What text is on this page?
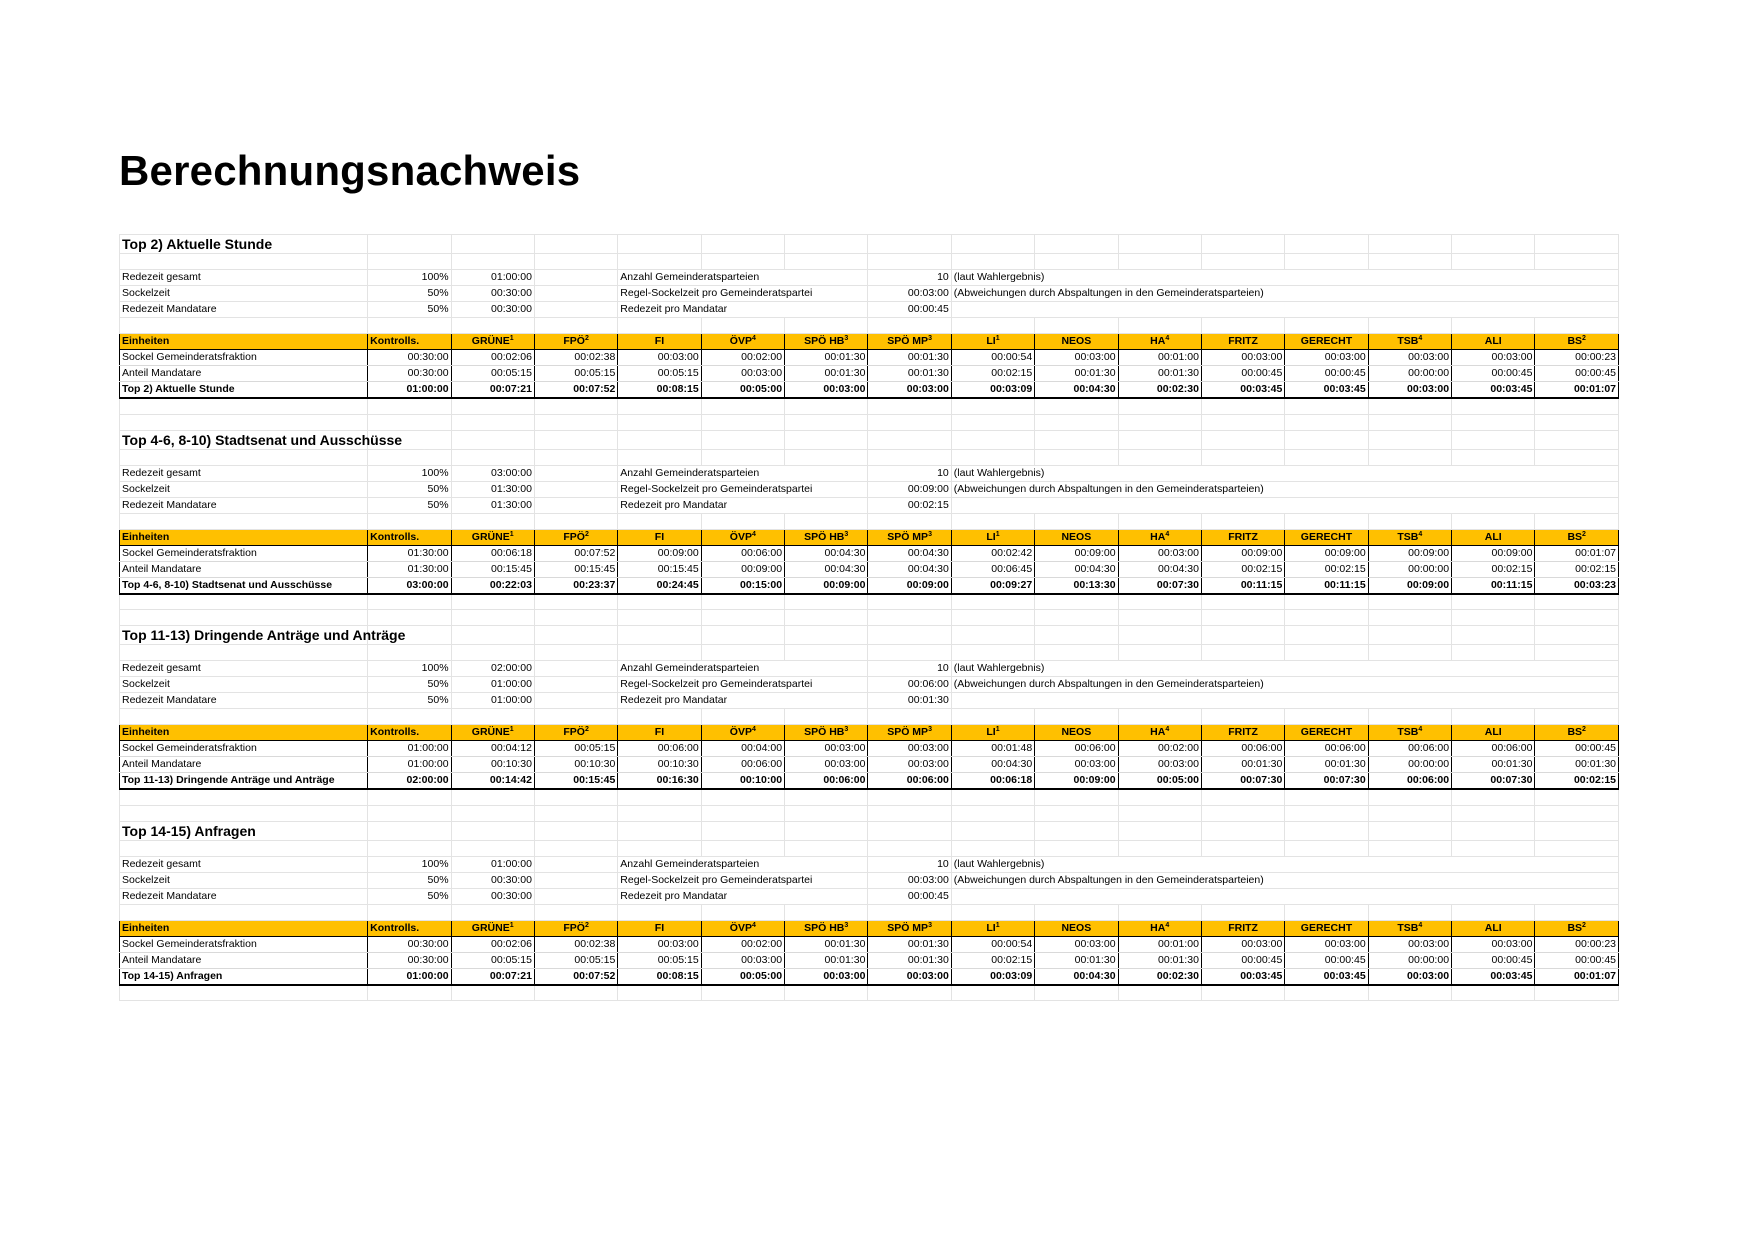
Berechnungsnachweis
Top 2) Aktuelle Stunde															

Redezeit gesamt	100%	01:00:00		Anzahl Gemeinderatsparteien			10	(laut Wahlergebnis)							
Sockelzeit	50%	00:30:00		Regel-Sockelzeit pro Gemeinderatspartei			00:03:00	(Abweichungen durch Abspaltungen in den Gemeinderatsparteien)							
Redezeit Mandatare	50%	00:30:00		Redezeit pro Mandatar			00:00:45								

Einheiten	Kontrolls.	GRÜNE$^1$	FPÖ$^2$	FI	ÖVP$^4$	SPÖ $HB^3$	SPÖ $MP^3$	$LI^1$	NEOS	$HA^4$	FRITZ	GERECHT	TSB$^4$	ALI	$BS^2$
Sockel Gemeinderatsfraktion	00:30:00	00:02:06	00:02:38	00:03:00	00:02:00	00:01:30	00:01:30	00:00:54	00:03:00	00:01:00	00:03:00	00:03:00	00:03:00	00:03:00	00:00:23
Anteil Mandatare	00:30:00	00:05:15	00:05:15	00:05:15	00:03:00	00:01:30	00:01:30	00:02:15	00:01:30	00:01:30	00:00:45	00:00:45	00:00:00	00:00:45	00:00:45
Top 2) Aktuelle Stunde	01:00:00	00:07:21	00:07:52	00:08:15	00:05:00	00:03:00	00:03:00	00:03:09	00:04:30	00:02:30	00:03:45	00:03:45	00:03:00	00:03:45	00:01:07

Top 4-6, 8-10) Stadtsenat und Ausschüsse															

Redezeit gesamt	100%	03:00:00		Anzahl Gemeinderatsparteien			10	(laut Wahlergebnis)							
Sockelzeit	50%	01:30:00		Regel-Sockelzeit pro Gemeinderatspartei			00:09:00	(Abweichungen durch Abspaltungen in den Gemeinderatsparteien)							
Redezeit Mandatare	50%	01:30:00		Redezeit pro Mandatar			00:02:15								

Einheiten	Kontrolls.	GRÜNE$^1$	FPÖ$^2$	FI	ÖVP$^4$	SPÖ $HB^3$	SPÖ $MP^3$	$LI^1$	NEOS	$HA^4$	FRITZ	GERECHT	TSB$^4$	ALI	$BS^2$
Sockel Gemeinderatsfraktion	01:30:00	00:06:18	00:07:52	00:09:00	00:06:00	00:04:30	00:04:30	00:02:42	00:09:00	00:03:00	00:09:00	00:09:00	00:09:00	00:09:00	00:01:07
Anteil Mandatare	01:30:00	00:15:45	00:15:45	00:15:45	00:09:00	00:04:30	00:04:30	00:06:45	00:04:30	00:04:30	00:02:15	00:02:15	00:00:00	00:02:15	00:02:15
Top 4-6, 8-10) Stadtsenat und Ausschüsse	03:00:00	00:22:03	00:23:37	00:24:45	00:15:00	00:09:00	00:09:00	00:09:27	00:13:30	00:07:30	00:11:15	00:11:15	00:09:00	00:11:15	00:03:23

Top 11-13) Dringende Anträge und Anträge															

Redezeit gesamt	100%	02:00:00		Anzahl Gemeinderatsparteien			10	(laut Wahlergebnis)							
Sockelzeit	50%	01:00:00		Regel-Sockelzeit pro Gemeinderatspartei			00:06:00	(Abweichungen durch Abspaltungen in den Gemeinderatsparteien)							
Redezeit Mandatare	50%	01:00:00		Redezeit pro Mandatar			00:01:30								

Einheiten	Kontrolls.	GRÜNE$^1$	FPÖ$^2$	FI	ÖVP$^4$	SPÖ $HB^3$	SPÖ $MP^3$	$LI^1$	NEOS	$HA^4$	FRITZ	GERECHT	TSB$^4$	ALI	$BS^2$
Sockel Gemeinderatsfraktion	01:00:00	00:04:12	00:05:15	00:06:00	00:04:00	00:03:00	00:03:00	00:01:48	00:06:00	00:02:00	00:06:00	00:06:00	00:06:00	00:06:00	00:00:45
Anteil Mandatare	01:00:00	00:10:30	00:10:30	00:10:30	00:06:00	00:03:00	00:03:00	00:04:30	00:03:00	00:03:00	00:01:30	00:01:30	00:00:00	00:01:30	00:01:30
Top 11-13) Dringende Anträge und Anträge	02:00:00	00:14:42	00:15:45	00:16:30	00:10:00	00:06:00	00:06:00	00:06:18	00:09:00	00:05:00	00:07:30	00:07:30	00:06:00	00:07:30	00:02:15

Top 14-15) Anfragen															

Redezeit gesamt	100%	01:00:00		Anzahl Gemeinderatsparteien			10	(laut Wahlergebnis)							
Sockelzeit	50%	00:30:00		Regel-Sockelzeit pro Gemeinderatspartei			00:03:00	(Abweichungen durch Abspaltungen in den Gemeinderatsparteien)							
Redezeit Mandatare	50%	00:30:00		Redezeit pro Mandatar			00:00:45								

Einheiten	Kontrolls.	GRÜNE$^1$	FPÖ$^2$	FI	ÖVP$^4$	SPÖ $HB^3$	SPÖ $MP^3$	$LI^1$	NEOS	$HA^4$	FRITZ	GERECHT	TSB$^4$	ALI	$BS^2$
Sockel Gemeinderatsfraktion	00:30:00	00:02:06	00:02:38	00:03:00	00:02:00	00:01:30	00:01:30	00:00:54	00:03:00	00:01:00	00:03:00	00:03:00	00:03:00	00:03:00	00:00:23
Anteil Mandatare	00:30:00	00:05:15	00:05:15	00:05:15	00:03:00	00:01:30	00:01:30	00:02:15	00:01:30	00:01:30	00:00:45	00:00:45	00:00:00	00:00:45	00:00:45
Top 14-15) Anfragen	01:00:00	00:07:21	00:07:52	00:08:15	00:05:00	00:03:00	00:03:00	00:03:09	00:04:30	00:02:30	00:03:45	00:03:45	00:03:00	00:03:45	00:01:07
